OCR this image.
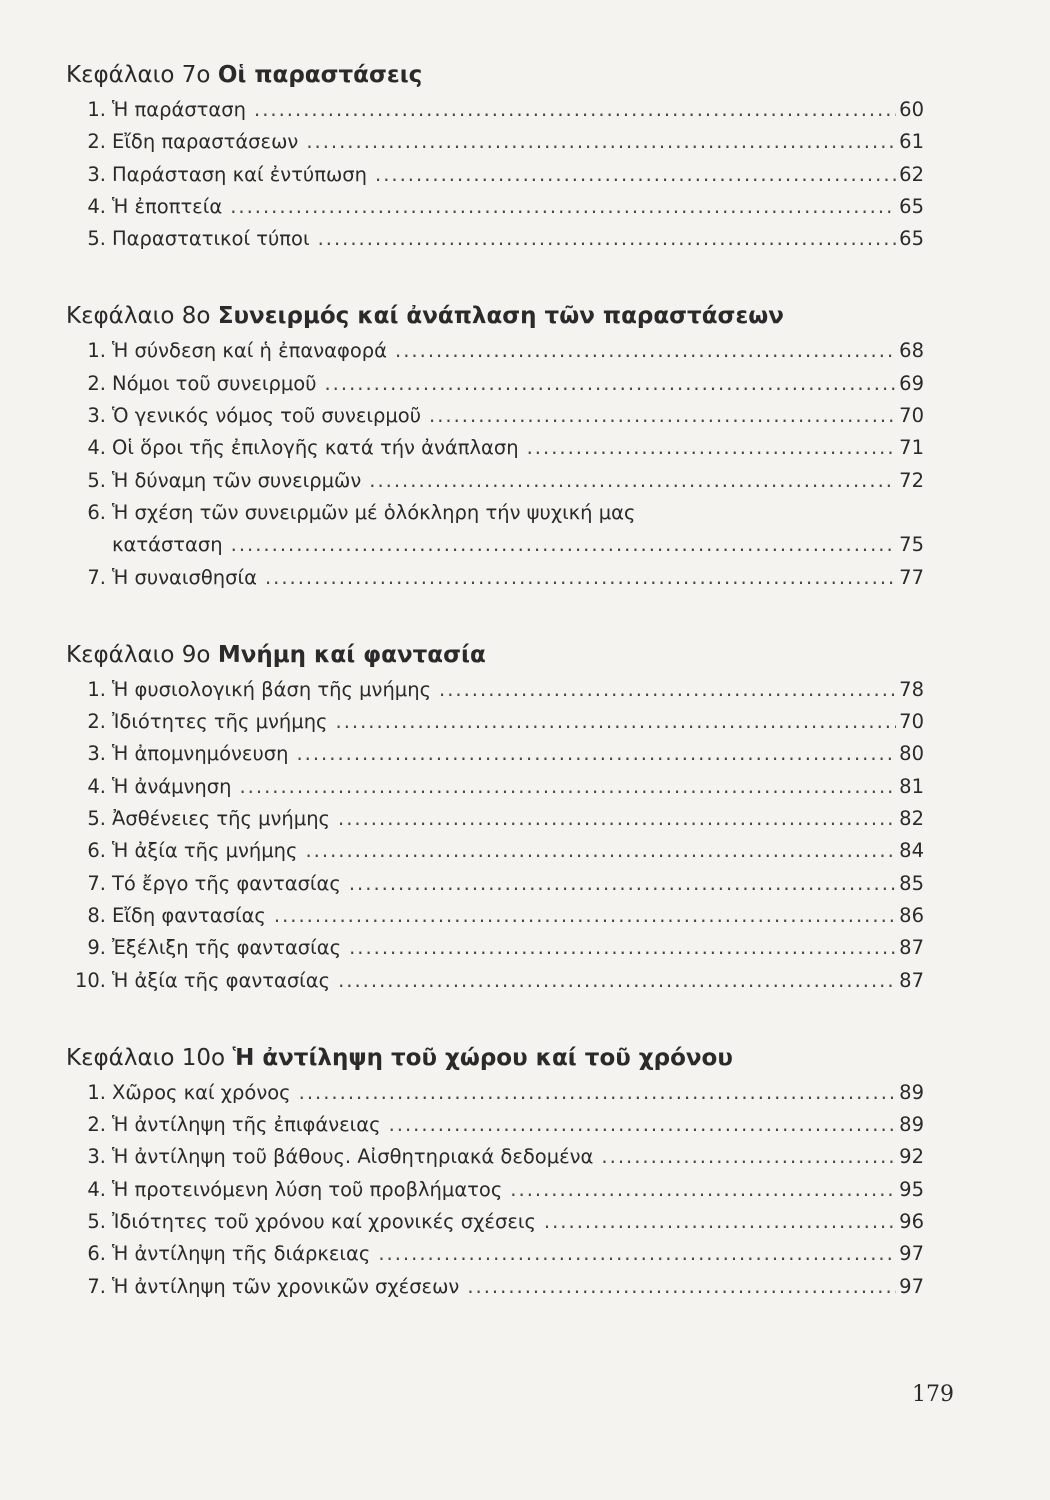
Κεφάλαιο 7ο Οἱ παραστάσεις
1. Ἡ παράσταση .....	60
2. Εἴδη παραστάσεων .....	61
3. Παράσταση καί ἐντύπωση .....	62
4. Ἡ ἐποπτεία .....	65
5. Παραστατικοί τύποι .....	65
Κεφάλαιο 8ο Συνειρμός καί ἀνάπλαση τῶν παραστάσεων
1. Ἡ σύνδεση καί ἡ ἐπαναφορά .....	68
2. Νόμοι τοῦ συνειρμοῦ .....	69
3. Ὁ γενικός νόμος τοῦ συνειρμοῦ .....	70
4. Οἱ ὅροι τῆς ἐπιλογῆς κατά τήν ἀνάπλαση .....	71
5. Ἡ δύναμη τῶν συνειρμῶν .....	72
6. Ἡ σχέση τῶν συνειρμῶν μέ ὁλόκληρη τήν ψυχική μας
κατάσταση .....	75
7. Ἡ συναισθησία .....	77
Κεφάλαιο 9ο Μνήμη καί φαντασία
1. Ἡ φυσιολογική βάση τῆς μνήμης .....	78
2. Ἰδιότητες τῆς μνήμης .....	70
3. Ἡ ἀπομνημόνευση .....	80
4. Ἡ ἀνάμνηση .....	81
5. Ἀσθένειες τῆς μνήμης .....	82
6. Ἡ ἀξία τῆς μνήμης .....	84
7. Τό ἔργο τῆς φαντασίας .....	85
8. Εἴδη φαντασίας .....	86
9. Ἐξέλιξη τῆς φαντασίας .....	87
10. Ἡ ἀξία τῆς φαντασίας .....	87
Κεφάλαιο 10ο Ἡ ἀντίληψη τοῦ χώρου καί τοῦ χρόνου
1. Χῶρος καί χρόνος .....	89
2. Ἡ ἀντίληψη τῆς ἐπιφάνειας .....	89
3. Ἡ ἀντίληψη τοῦ βάθους. Αἰσθητηριακά δεδομένα .....	92
4. Ἡ προτεινόμενη λύση τοῦ προβλήματος .....	95
5. Ἰδιότητες τοῦ χρόνου καί χρονικές σχέσεις .....	96
6. Ἡ ἀντίληψη τῆς διάρκειας .....	97
7. Ἡ ἀντίληψη τῶν χρονικῶν σχέσεων .....	97
179
